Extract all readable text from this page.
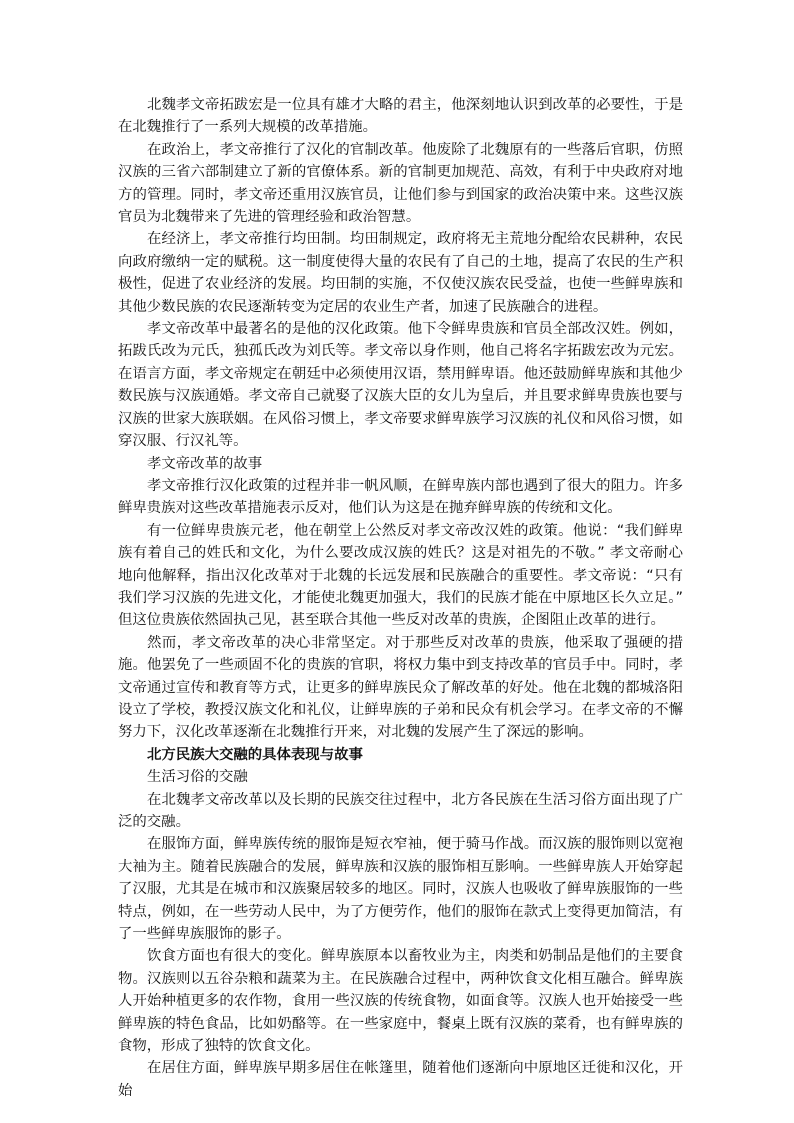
北魏孝文帝拓跋宏是一位具有雄才大略的君主，他深刻地认识到改革的必要性，于是在北魏推行了一系列大规模的改革措施。

在政治上，孝文帝推行了汉化的官制改革。他废除了北魏原有的一些落后官职，仿照汉族的三省六部制建立了新的官僚体系。新的官制更加规范、高效，有利于中央政府对地方的管理。同时，孝文帝还重用汉族官员，让他们参与到国家的政治决策中来。这些汉族官员为北魏带来了先进的管理经验和政治智慧。

在经济上，孝文帝推行均田制。均田制规定，政府将无主荒地分配给农民耕种，农民向政府缴纳一定的赋税。这一制度使得大量的农民有了自己的土地，提高了农民的生产积极性，促进了农业经济的发展。均田制的实施，不仅使汉族农民受益，也使一些鲜卑族和其他少数民族的农民逐渐转变为定居的农业生产者，加速了民族融合的进程。

孝文帝改革中最著名的是他的汉化政策。他下令鲜卑贵族和官员全部改汉姓。例如，拓跋氏改为元氏，独孤氏改为刘氏等。孝文帝以身作则，他自己将名字拓跋宏改为元宏。在语言方面，孝文帝规定在朝廷中必须使用汉语，禁用鲜卑语。他还鼓励鲜卑族和其他少数民族与汉族通婚。孝文帝自己就娶了汉族大臣的女儿为皇后，并且要求鲜卑贵族也要与汉族的世家大族联姻。在风俗习惯上，孝文帝要求鲜卑族学习汉族的礼仪和风俗习惯，如穿汉服、行汉礼等。

孝文帝改革的故事

孝文帝推行汉化政策的过程并非一帆风顺，在鲜卑族内部也遇到了很大的阻力。许多鲜卑贵族对这些改革措施表示反对，他们认为这是在抛弃鲜卑族的传统和文化。

有一位鲜卑贵族元老，他在朝堂上公然反对孝文帝改汉姓的政策。他说：“我们鲜卑族有着自己的姓氏和文化，为什么要改成汉族的姓氏？这是对祖先的不敬。” 孝文帝耐心地向他解释，指出汉化改革对于北魏的长远发展和民族融合的重要性。孝文帝说：“只有我们学习汉族的先进文化，才能使北魏更加强大，我们的民族才能在中原地区长久立足。” 但这位贵族依然固执己见，甚至联合其他一些反对改革的贵族，企图阻止改革的进行。

然而，孝文帝改革的决心非常坚定。对于那些反对改革的贵族，他采取了强硬的措施。他罢免了一些顽固不化的贵族的官职，将权力集中到支持改革的官员手中。同时，孝文帝通过宣传和教育等方式，让更多的鲜卑族民众了解改革的好处。他在北魏的都城洛阳设立了学校，教授汉族文化和礼仪，让鲜卑族的子弟和民众有机会学习。在孝文帝的不懈努力下，汉化改革逐渐在北魏推行开来，对北魏的发展产生了深远的影响。

北方民族大交融的具体表现与故事

生活习俗的交融

在北魏孝文帝改革以及长期的民族交往过程中，北方各民族在生活习俗方面出现了广泛的交融。

在服饰方面，鲜卑族传统的服饰是短衣窄袖，便于骑马作战。而汉族的服饰则以宽袍大袖为主。随着民族融合的发展，鲜卑族和汉族的服饰相互影响。一些鲜卑族人开始穿起了汉服，尤其是在城市和汉族聚居较多的地区。同时，汉族人也吸收了鲜卑族服饰的一些特点，例如，在一些劳动人民中，为了方便劳作，他们的服饰在款式上变得更加简洁，有了一些鲜卑族服饰的影子。

饮食方面也有很大的变化。鲜卑族原本以畜牧业为主，肉类和奶制品是他们的主要食物。汉族则以五谷杂粮和蔬菜为主。在民族融合过程中，两种饮食文化相互融合。鲜卑族人开始种植更多的农作物，食用一些汉族的传统食物，如面食等。汉族人也开始接受一些鲜卑族的特色食品，比如奶酪等。在一些家庭中，餐桌上既有汉族的菜肴，也有鲜卑族的食物，形成了独特的饮食文化。

在居住方面，鲜卑族早期多居住在帐篷里，随着他们逐渐向中原地区迁徙和汉化，开始
